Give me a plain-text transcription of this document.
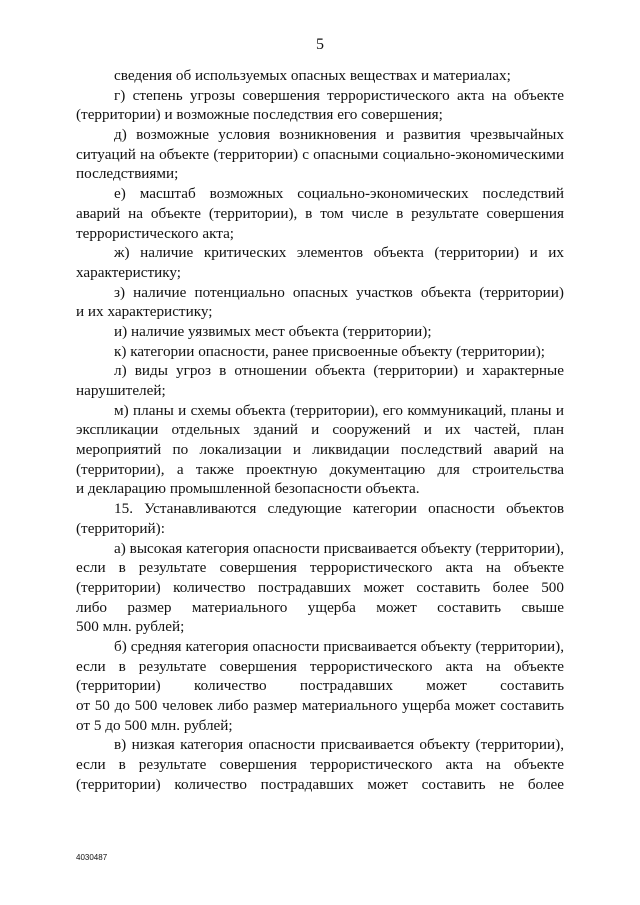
5
сведения об используемых опасных веществах и материалах;
г) степень угрозы совершения террористического акта на объекте
(территории) и возможные последствия его совершения;
д) возможные условия возникновения и развития чрезвычайных
ситуаций на объекте (территории) с опасными социально-экономическими
последствиями;
е) масштаб возможных социально-экономических последствий
аварий на объекте (территории), в том числе в результате совершения
террористического акта;
ж) наличие критических элементов объекта (территории) и их
характеристику;
з) наличие потенциально опасных участков объекта (территории)
и их характеристику;
и) наличие уязвимых мест объекта (территории);
к) категории опасности, ранее присвоенные объекту (территории);
л) виды угроз в отношении объекта (территории) и характерные
нарушителей;
м) планы и схемы объекта (территории), его коммуникаций, планы и
экспликации отдельных зданий и сооружений и их частей, план
мероприятий по локализации и ликвидации последствий аварий на
(территории), а также проектную документацию для строительства
и декларацию промышленной безопасности объекта.
15. Устанавливаются следующие категории опасности объектов
(территорий):
а) высокая категория опасности присваивается объекту (территории),
если в результате совершения террористического акта на объекте
(территории) количество пострадавших может составить более 500
либо размер материального ущерба может составить свыше
500 млн. рублей;
б) средняя категория опасности присваивается объекту (территории),
если в результате совершения террористического акта на объекте
(территории) количество пострадавших может составить
от 50 до 500 человек либо размер материального ущерба может составить
от 5 до 500 млн. рублей;
в) низкая категория опасности присваивается объекту (территории),
если в результате совершения террористического акта на объекте
(территории) количество пострадавших может составить не более
4030487
